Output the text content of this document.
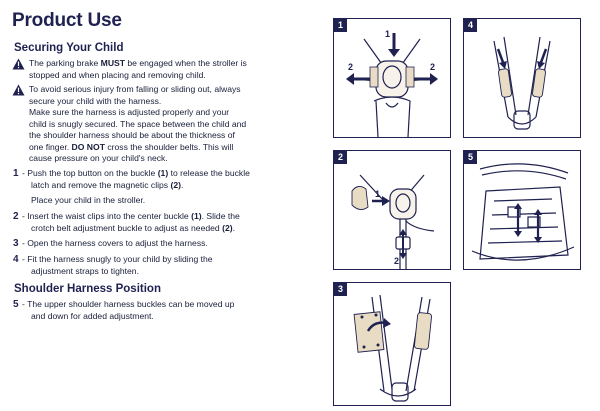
Product Use
Securing Your Child
The parking brake MUST be engaged when the stroller is
stopped and when placing and removing child.
To avoid serious injury from falling or sliding out, always
secure your child with the harness.
Make sure the harness is adjusted properly and your
child is snugly secured. The space between the child and
the shoulder harness should be about the thickness of
one finger. DO NOT cross the shoulder belts. This will
cause pressure on your child's neck.
1 - Push the top button on the buckle (1) to release the buckle
latch and remove the magnetic clips (2).
Place your child in the stroller.
2 - Insert the waist clips into the center buckle (1). Slide the
crotch belt adjustment buckle to adjust as needed (2).
3 - Open the harness covers to adjust the harness.
4 - Fit the harness snugly to your child by sliding the
adjustment straps to tighten.
Shoulder Harness Position
5 - The upper shoulder harness buckles can be moved up
and down for added adjustment.
1
1
2	2
4
2
1
2
5
3
